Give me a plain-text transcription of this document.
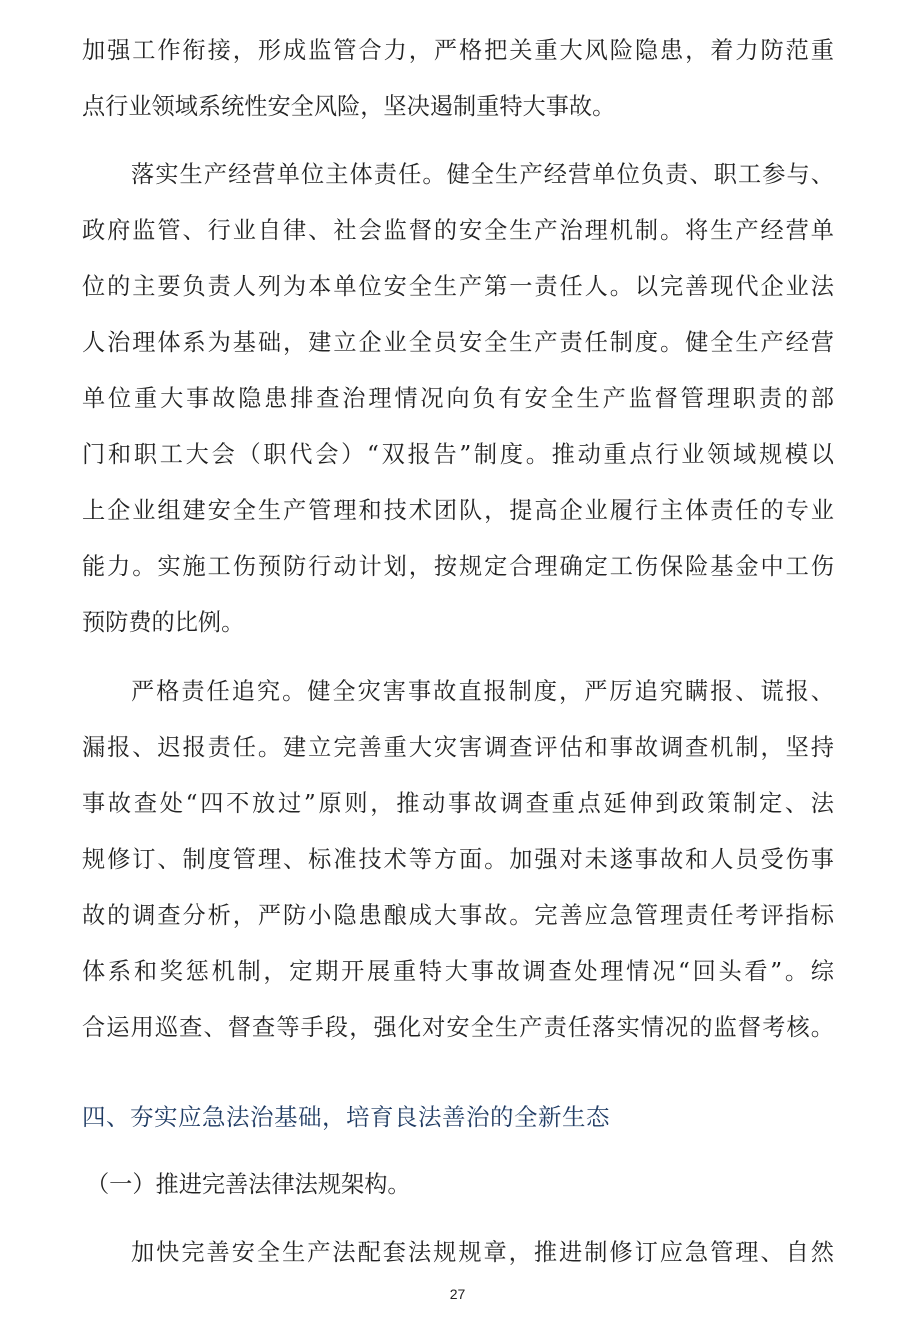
加强工作衔接，形成监管合力，严格把关重大风险隐患，着力防范重
点行业领域系统性安全风险，坚决遏制重特大事故。
落实生产经营单位主体责任。健全生产经营单位负责、职工参与、
政府监管、行业自律、社会监督的安全生产治理机制。将生产经营单
位的主要负责人列为本单位安全生产第一责任人。以完善现代企业法
人治理体系为基础，建立企业全员安全生产责任制度。健全生产经营
单位重大事故隐患排查治理情况向负有安全生产监督管理职责的部
门和职工大会（职代会）“双报告”制度。推动重点行业领域规模以
上企业组建安全生产管理和技术团队，提高企业履行主体责任的专业
能力。实施工伤预防行动计划，按规定合理确定工伤保险基金中工伤
预防费的比例。
严格责任追究。健全灾害事故直报制度，严厉追究瞒报、谎报、
漏报、迟报责任。建立完善重大灾害调查评估和事故调查机制，坚持
事故查处“四不放过”原则，推动事故调查重点延伸到政策制定、法
规修订、制度管理、标准技术等方面。加强对未遂事故和人员受伤事
故的调查分析，严防小隐患酿成大事故。完善应急管理责任考评指标
体系和奖惩机制，定期开展重特大事故调查处理情况“回头看”。综
合运用巡查、督查等手段，强化对安全生产责任落实情况的监督考核。
四、夯实应急法治基础，培育良法善治的全新生态
（一）推进完善法律法规架构。
加快完善安全生产法配套法规规章，推进制修订应急管理、自然
27
